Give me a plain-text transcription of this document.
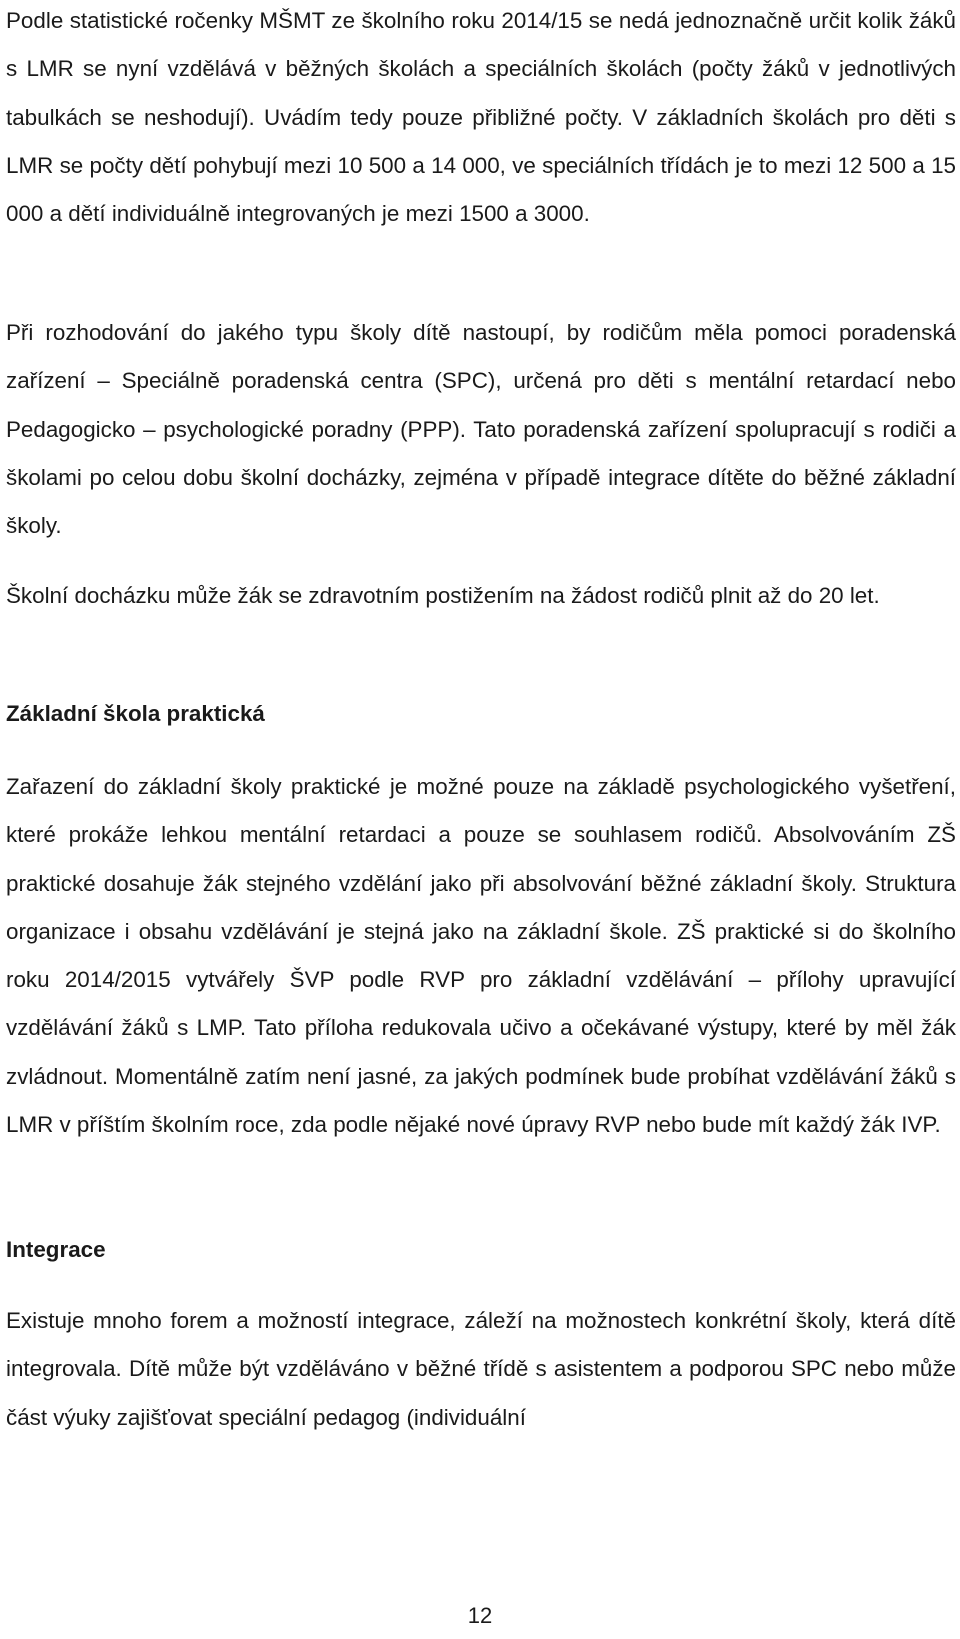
Podle statistické ročenky MŠMT ze školního roku 2014/15 se nedá jednoznačně určit kolik žáků s LMR se nyní vzdělává v běžných školách a speciálních školách (počty žáků v jednotlivých tabulkách se neshodují). Uvádím tedy pouze přibližné počty. V základních školách pro děti s LMR se počty dětí pohybují mezi 10 500 a 14 000, ve speciálních třídách je to mezi 12 500 a 15 000 a dětí individuálně integrovaných je mezi 1500 a 3000.

Při rozhodování do jakého typu školy dítě nastoupí, by rodičům měla pomoci poradenská zařízení – Speciálně poradenská centra (SPC), určená pro děti s mentální retardací nebo Pedagogicko – psychologické poradny (PPP). Tato poradenská zařízení spolupracují s rodiči a školami po celou dobu školní docházky, zejména v případě integrace dítěte do běžné základní školy.

Školní docházku může žák se zdravotním postižením na žádost rodičů plnit až do 20 let.

Základní škola praktická

Zařazení do základní školy praktické je možné pouze na základě psychologického vyšetření, které prokáže lehkou mentální retardaci a pouze se souhlasem rodičů. Absolvováním ZŠ praktické dosahuje žák stejného vzdělání jako při absolvování běžné základní školy. Struktura organizace i obsahu vzdělávání je stejná jako na základní škole. ZŠ praktické si do školního roku 2014/2015 vytvářely ŠVP podle RVP pro základní vzdělávání – přílohy upravující vzdělávání žáků s LMP. Tato příloha redukovala učivo a očekávané výstupy, které by měl žák zvládnout. Momentálně zatím není jasné, za jakých podmínek bude probíhat vzdělávání žáků s LMR v příštím školním roce, zda podle nějaké nové úpravy RVP nebo bude mít každý žák IVP.

Integrace

Existuje mnoho forem a možností integrace, záleží na možnostech konkrétní školy, která dítě integrovala. Dítě může být vzděláváno v běžné třídě s asistentem a podporou SPC nebo může část výuky zajišťovat speciální pedagog (individuální

12
